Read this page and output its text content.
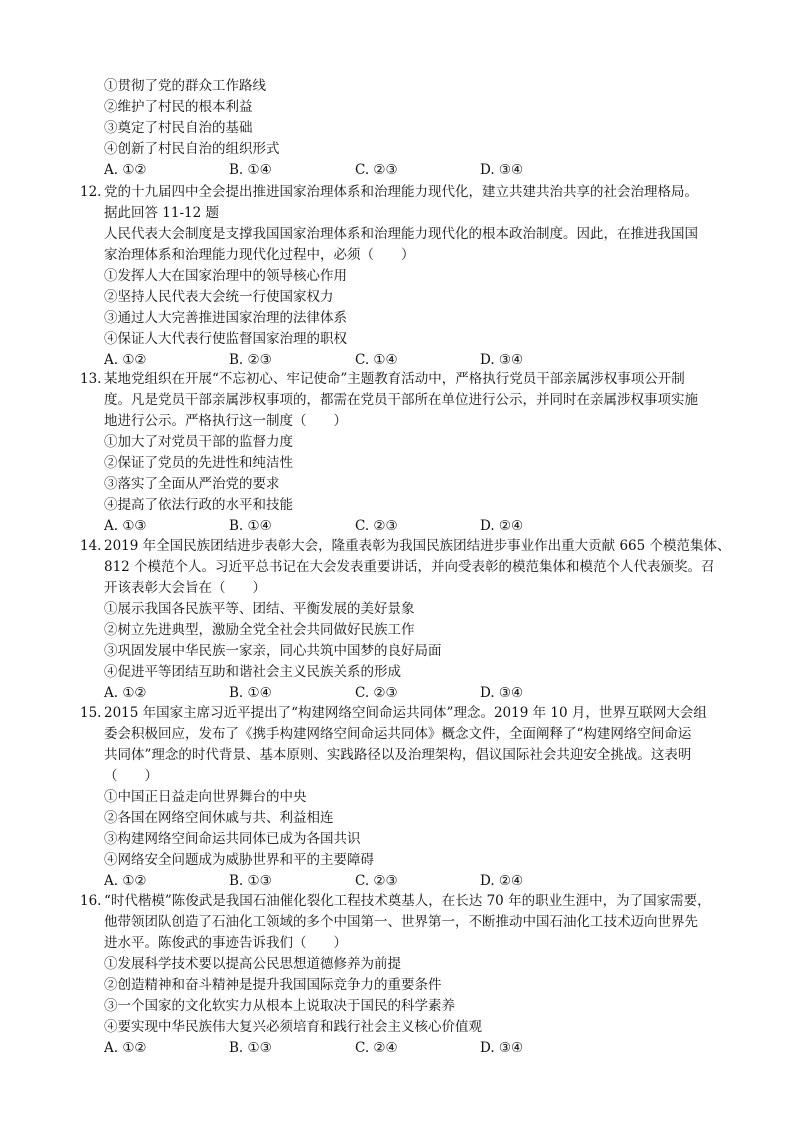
①贯彻了党的群众工作路线
②维护了村民的根本利益
③奠定了村民自治的基础
④创新了村民自治的组织形式
A. ①②	B. ①④	C. ②③	D. ③④
12. 党的十九届四中全会提出推进国家治理体系和治理能力现代化，建立共建共治共享的社会治理格局。
据此回答 11-12 题
人民代表大会制度是支撑我国国家治理体系和治理能力现代化的根本政治制度。因此，在推进我国国
家治理体系和治理能力现代化过程中，必须（　　）
①发挥人大在国家治理中的领导核心作用
②坚持人民代表大会统一行使国家权力
③通过人大完善推进国家治理的法律体系
④保证人大代表行使监督国家治理的职权
A. ①②	B. ②③	C. ①④	D. ③④
13. 某地党组织在开展“不忘初心、牢记使命”主题教育活动中，严格执行党员干部亲属涉权事项公开制
度。凡是党员干部亲属涉权事项的，都需在党员干部所在单位进行公示，并同时在亲属涉权事项实施
地进行公示。严格执行这一制度（　　）
①加大了对党员干部的监督力度
②保证了党员的先进性和纯洁性
③落实了全面从严治党的要求
④提高了依法行政的水平和技能
A. ①③	B. ①④	C. ②③	D. ②④
14. 2019 年全国民族团结进步表彰大会，隆重表彰为我国民族团结进步事业作出重大贡献 665 个模范集体、
812 个模范个人。习近平总书记在大会发表重要讲话，并向受表彰的模范集体和模范个人代表颁奖。召
开该表彰大会旨在（　　）
①展示我国各民族平等、团结、平衡发展的美好景象
②树立先进典型，激励全党全社会共同做好民族工作
③巩固发展中华民族一家亲，同心共筑中国梦的良好局面
④促进平等团结互助和谐社会主义民族关系的形成
A. ①②	B. ①④	C. ②③	D. ③④
15. 2015 年国家主席习近平提出了“构建网络空间命运共同体”理念。2019 年 10 月，世界互联网大会组
委会积极回应，发布了《携手构建网络空间命运共同体》概念文件，全面阐释了“构建网络空间命运
共同体”理念的时代背景、基本原则、实践路径以及治理架构，倡议国际社会共迎安全挑战。这表明
（　　）
①中国正日益走向世界舞台的中央
②各国在网络空间休戚与共、利益相连
③构建网络空间命运共同体已成为各国共识
④网络安全问题成为威胁世界和平的主要障碍
A. ①②	B. ①③	C. ②③	D. ②④
16. “时代楷模”陈俊武是我国石油催化裂化工程技术奠基人，在长达 70 年的职业生涯中，为了国家需要，
他带领团队创造了石油化工领域的多个中国第一、世界第一，不断推动中国石油化工技术迈向世界先
进水平。陈俊武的事迹告诉我们（　　）
①发展科学技术要以提高公民思想道德修养为前提
②创造精神和奋斗精神是提升我国国际竞争力的重要条件
③一个国家的文化软实力从根本上说取决于国民的科学素养
④要实现中华民族伟大复兴必须培育和践行社会主义核心价值观
A. ①②	B. ①③	C. ②④	D. ③④
